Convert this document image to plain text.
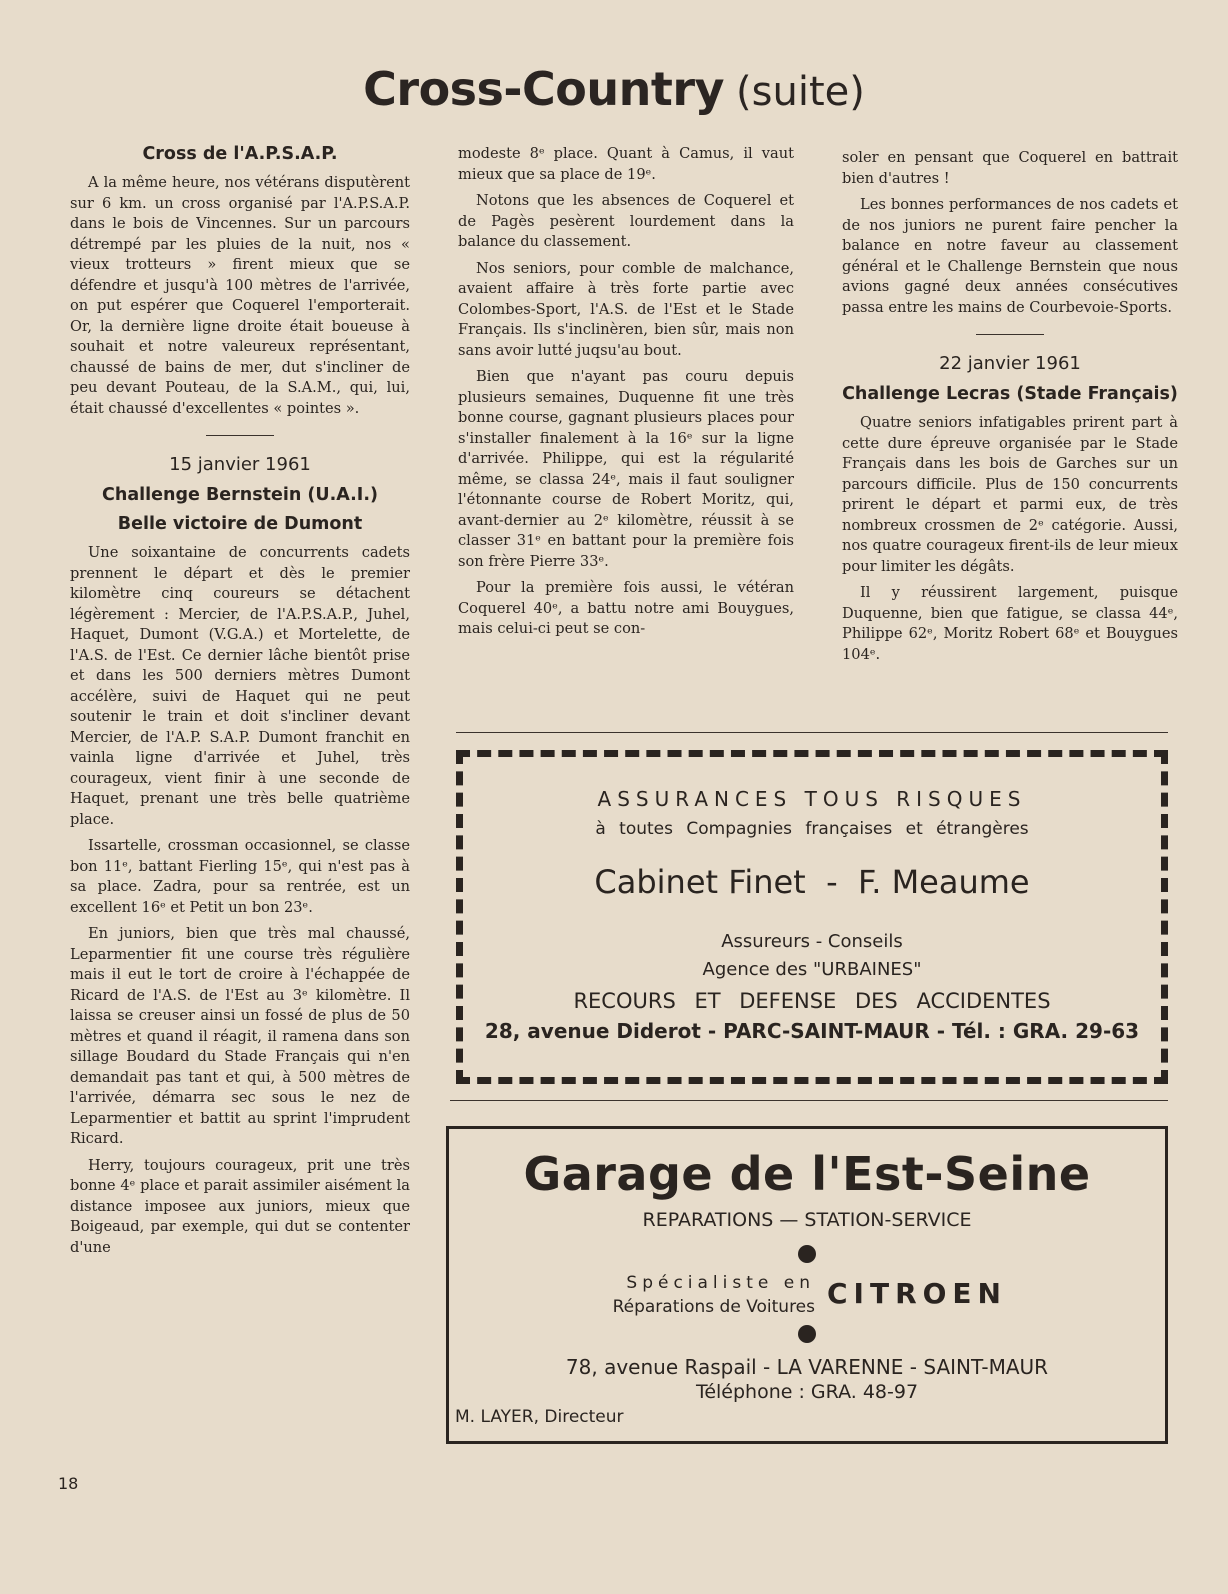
Cross-Country (suite)
Cross de l'A.P.S.A.P.

A la même heure, nos vétérans disputèrent sur 6 km. un cross organisé par l'A.P.S.A.P. dans le bois de Vincennes. Sur un parcours détrempé par les pluies de la nuit, nos « vieux trotteurs » firent mieux que se défendre et jusqu'à 100 mètres de l'arrivée, on put espérer que Coquerel l'emporterait. Or, la dernière ligne droite était boueuse à souhait et notre valeureux représentant, chaussé de bains de mer, dut s'incliner de peu devant Pouteau, de la S.A.M., qui, lui, était chaussé d'excellentes « pointes ».

15 janvier 1961
Challenge Bernstein (U.A.I.)
Belle victoire de Dumont

Une soixantaine de concurrents cadets prennent le départ et dès le premier kilomètre cinq coureurs se détachent légèrement : Mercier, de l'A.P.S.A.P., Juhel, Haquet, Dumont (V.G.A.) et Mortelette, de l'A.S. de l'Est. Ce dernier lâche bientôt prise et dans les 500 derniers mètres Dumont accélère, suivi de Haquet qui ne peut soutenir le train et doit s'incliner devant Mercier, de l'A.P. S.A.P. Dumont franchit en vainla ligne d'arrivée et Juhel, très courageux, vient finir à une seconde de Haquet, prenant une très belle quatrième place.

Issartelle, crossman occasionnel, se classe bon 11ᵉ, battant Fierling 15ᵉ, qui n'est pas à sa place. Zadra, pour sa rentrée, est un excellent 16ᵉ et Petit un bon 23ᵉ.

En juniors, bien que très mal chaussé, Leparmentier fit une course très régulière mais il eut le tort de croire à l'échappée de Ricard de l'A.S. de l'Est au 3ᵉ kilomètre. Il laissa se creuser ainsi un fossé de plus de 50 mètres et quand il réagit, il ramena dans son sillage Boudard du Stade Français qui n'en demandait pas tant et qui, à 500 mètres de l'arrivée, démarra sec sous le nez de Leparmentier et battit au sprint l'imprudent Ricard.

Herry, toujours courageux, prit une très bonne 4ᵉ place et parait assimiler aisément la distance imposee aux juniors, mieux que Boigeaud, par exemple, qui dut se contenter d'une

modeste 8ᵉ place. Quant à Camus, il vaut mieux que sa place de 19ᵉ.

Notons que les absences de Coquerel et de Pagès pesèrent lourdement dans la balance du classement.

Nos seniors, pour comble de malchance, avaient affaire à très forte partie avec Colombes-Sport, l'A.S. de l'Est et le Stade Français. Ils s'inclinèren, bien sûr, mais non sans avoir lutté juqsu'au bout.

Bien que n'ayant pas couru depuis plusieurs semaines, Duquenne fit une très bonne course, gagnant plusieurs places pour s'installer finalement à la 16ᵉ sur la ligne d'arrivée. Philippe, qui est la régularité même, se classa 24ᵉ, mais il faut souligner l'étonnante course de Robert Moritz, qui, avant-dernier au 2ᵉ kilomètre, réussit à se classer 31ᵉ en battant pour la première fois son frère Pierre 33ᵉ.

Pour la première fois aussi, le vétéran Coquerel 40ᵉ, a battu notre ami Bouygues, mais celui-ci peut se con-

soler en pensant que Coquerel en battrait bien d'autres !

Les bonnes performances de nos cadets et de nos juniors ne purent faire pencher la balance en notre faveur au classement général et le Challenge Bernstein que nous avions gagné deux années consécutives passa entre les mains de Courbevoie-Sports.

22 janvier 1961
Challenge Lecras (Stade Français)

Quatre seniors infatigables prirent part à cette dure épreuve organisée par le Stade Français dans les bois de Garches sur un parcours difficile. Plus de 150 concurrents prirent le départ et parmi eux, de très nombreux crossmen de 2ᵉ catégorie. Aussi, nos quatre courageux firent-ils de leur mieux pour limiter les dégâts.

Il y réussirent largement, puisque Duquenne, bien que fatigue, se classa 44ᵉ, Philippe 62ᵉ, Moritz Robert 68ᵉ et Bouygues 104ᵉ.

ASSURANCES TOUS RISQUES
à toutes Compagnies françaises et étrangères
Cabinet Finet  -  F. Meaume
Assureurs - Conseils
Agence des "URBAINES"
RECOURS ET DEFENSE DES ACCIDENTES
28, avenue Diderot - PARC-SAINT-MAUR - Tél. : GRA. 29-63
Garage de l'Est-Seine
REPARATIONS — STATION-SERVICE
Spécialiste en
Réparations de Voitures CITROEN
78, avenue Raspail - LA VARENNE - SAINT-MAUR
Téléphone : GRA. 48-97
M. LAYER, Directeur
18
